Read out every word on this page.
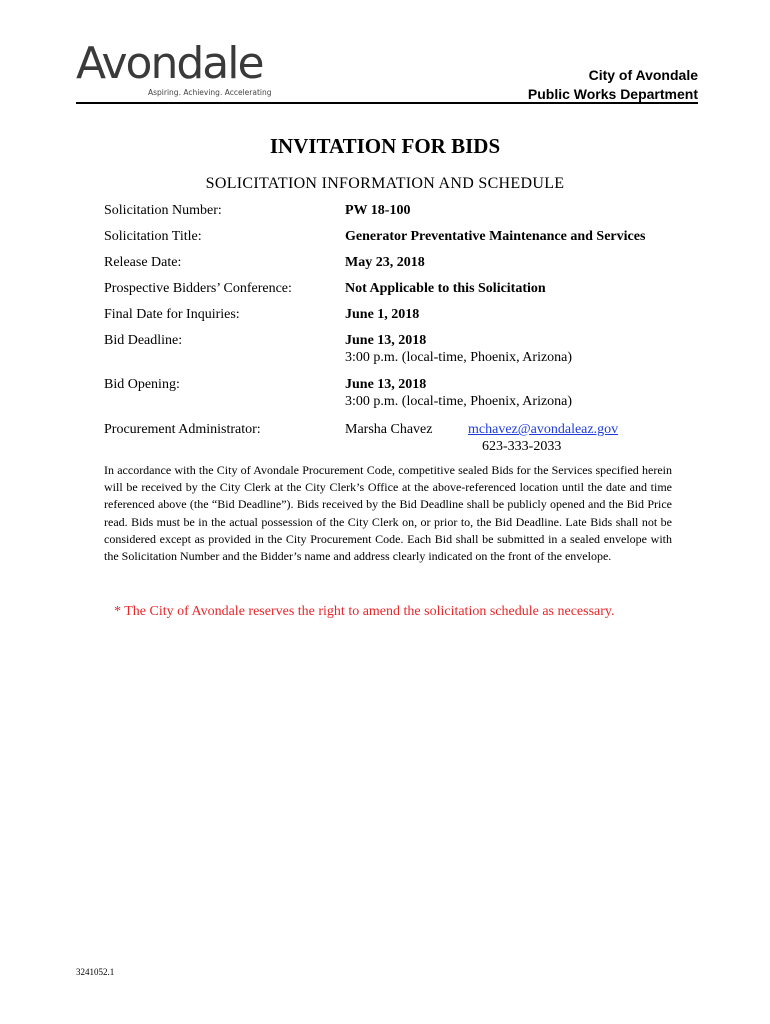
Avondale
Aspiring. Achieving. Accelerating
City of Avondale
Public Works Department
INVITATION FOR BIDS
SOLICITATION INFORMATION AND SCHEDULE
Solicitation Number:	PW 18-100
Solicitation Title:	Generator Preventative Maintenance and Services
Release Date:	May 23, 2018
Prospective Bidders’ Conference:	Not Applicable to this Solicitation
Final Date for Inquiries:	June 1, 2018
Bid Deadline:	June 13, 2018
3:00 p.m. (local-time, Phoenix, Arizona)
Bid Opening:	June 13, 2018
3:00 p.m. (local-time, Phoenix, Arizona)
Procurement Administrator:	Marsha Chavez	mchavez@avondaleaz.gov
623-333-2033
In accordance with the City of Avondale Procurement Code, competitive sealed Bids for the Services specified herein will be received by the City Clerk at the City Clerk’s Office at the above-referenced location until the date and time referenced above (the “Bid Deadline”). Bids received by the Bid Deadline shall be publicly opened and the Bid Price read. Bids must be in the actual possession of the City Clerk on, or prior to, the Bid Deadline. Late Bids shall not be considered except as provided in the City Procurement Code. Each Bid shall be submitted in a sealed envelope with the Solicitation Number and the Bidder’s name and address clearly indicated on the front of the envelope.
* The City of Avondale reserves the right to amend the solicitation schedule as necessary.
3241052.1
